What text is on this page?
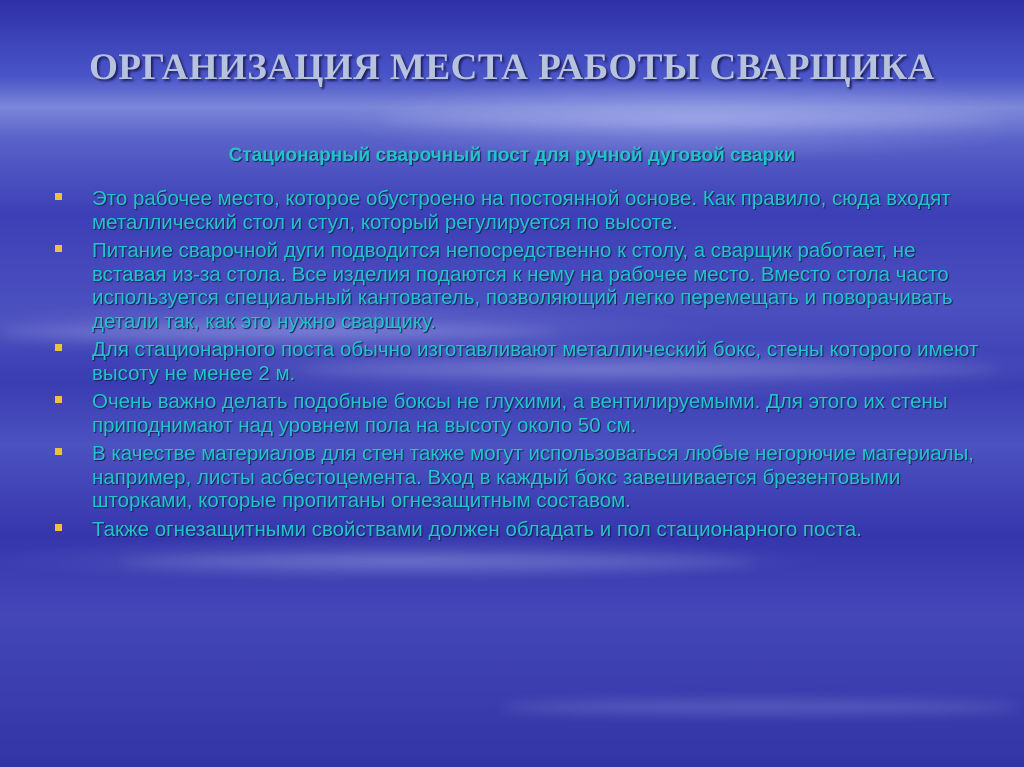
ОРГАНИЗАЦИЯ МЕСТА РАБОТЫ СВАРЩИКА
Стационарный сварочный пост для ручной дуговой сварки
Это рабочее место, которое обустроено на постоянной основе. Как правило, сюда входят металлический стол и стул, который регулируется по высоте.
Питание сварочной дуги подводится непосредственно к столу, а сварщик работает, не вставая из-за стола. Все изделия подаются к нему на рабочее место. Вместо стола часто используется специальный кантователь, позволяющий легко перемещать и поворачивать детали так, как это нужно сварщику.
Для стационарного поста обычно изготавливают металлический бокс, стены которого имеют высоту не менее 2 м.
Очень важно делать подобные боксы не глухими, а вентилируемыми. Для этого их стены приподнимают над уровнем пола на высоту около 50 см.
В качестве материалов для стен также могут использоваться любые негорючие материалы, например, листы асбестоцемента. Вход в каждый бокс завешивается брезентовыми шторками, которые пропитаны огнезащитным составом.
Также огнезащитными свойствами должен обладать и пол стационарного поста.
